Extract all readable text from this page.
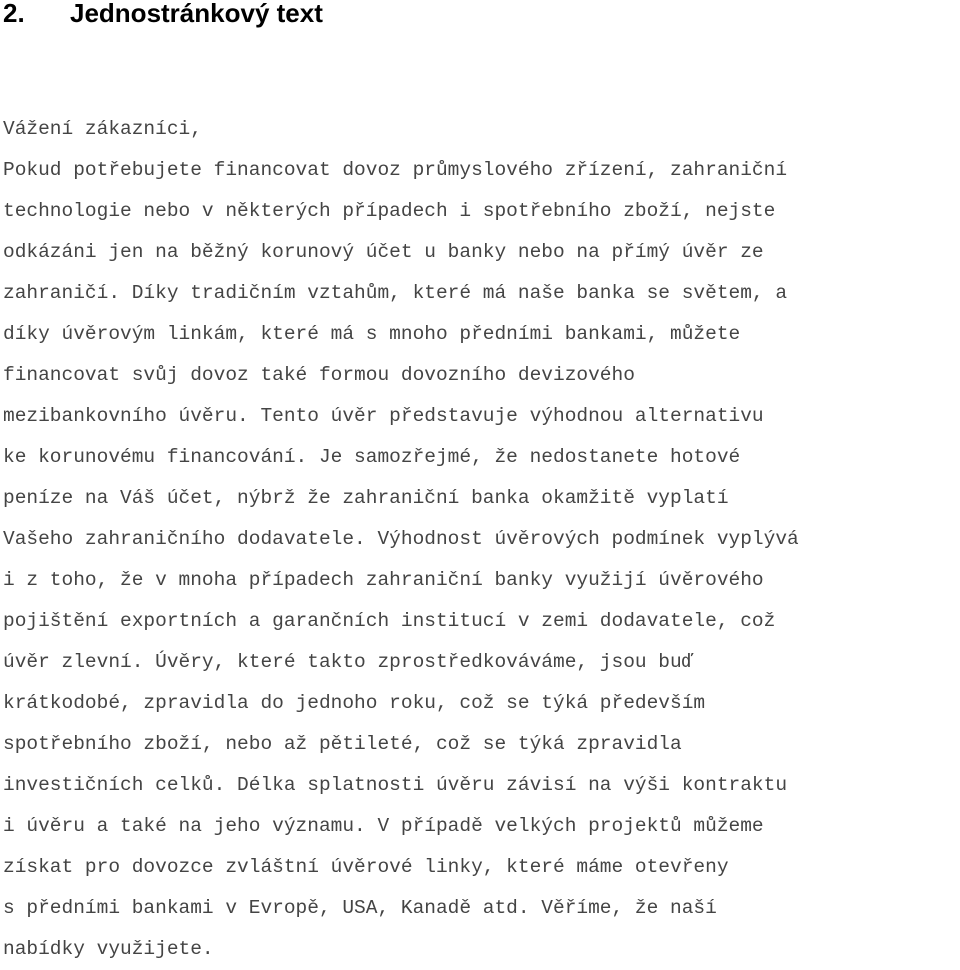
2. Jednostránkový text
Vážení zákazníci,
Pokud potřebujete financovat dovoz průmyslového zřízení, zahraniční
technologie nebo v některých případech i spotřebního zboží, nejste
odkázáni jen na běžný korunový účet u banky nebo na přímý úvěr ze
zahraničí. Díky tradičním vztahům, které má naše banka se světem, a
díky úvěrovým linkám, které má s mnoho předními bankami, můžete
financovat svůj dovoz také formou dovozního devizového
mezibankovního úvěru. Tento úvěr představuje výhodnou alternativu
ke korunovému financování. Je samozřejmé, že nedostanete hotové
peníze na Váš účet, nýbrž že zahraniční banka okamžitě vyplatí
Vašeho zahraničního dodavatele. Výhodnost úvěrových podmínek vyplývá
i z toho, že v mnoha případech zahraniční banky využijí úvěrového
pojištění exportních a garančních institucí v zemi dodavatele, což
úvěr zlevní. Úvěry, které takto zprostředkováváme, jsou buď
krátkodobé, zpravidla do jednoho roku, což se týká především
spotřebního zboží, nebo až pětileté, což se týká zpravidla
investičních celků. Délka splatnosti úvěru závisí na výši kontraktu
i úvěru a také na jeho významu. V případě velkých projektů můžeme
získat pro dovozce zvláštní úvěrové linky, které máme otevřeny
s předními bankami v Evropě, USA, Kanadě atd. Věříme, že naší
nabídky využijete.
